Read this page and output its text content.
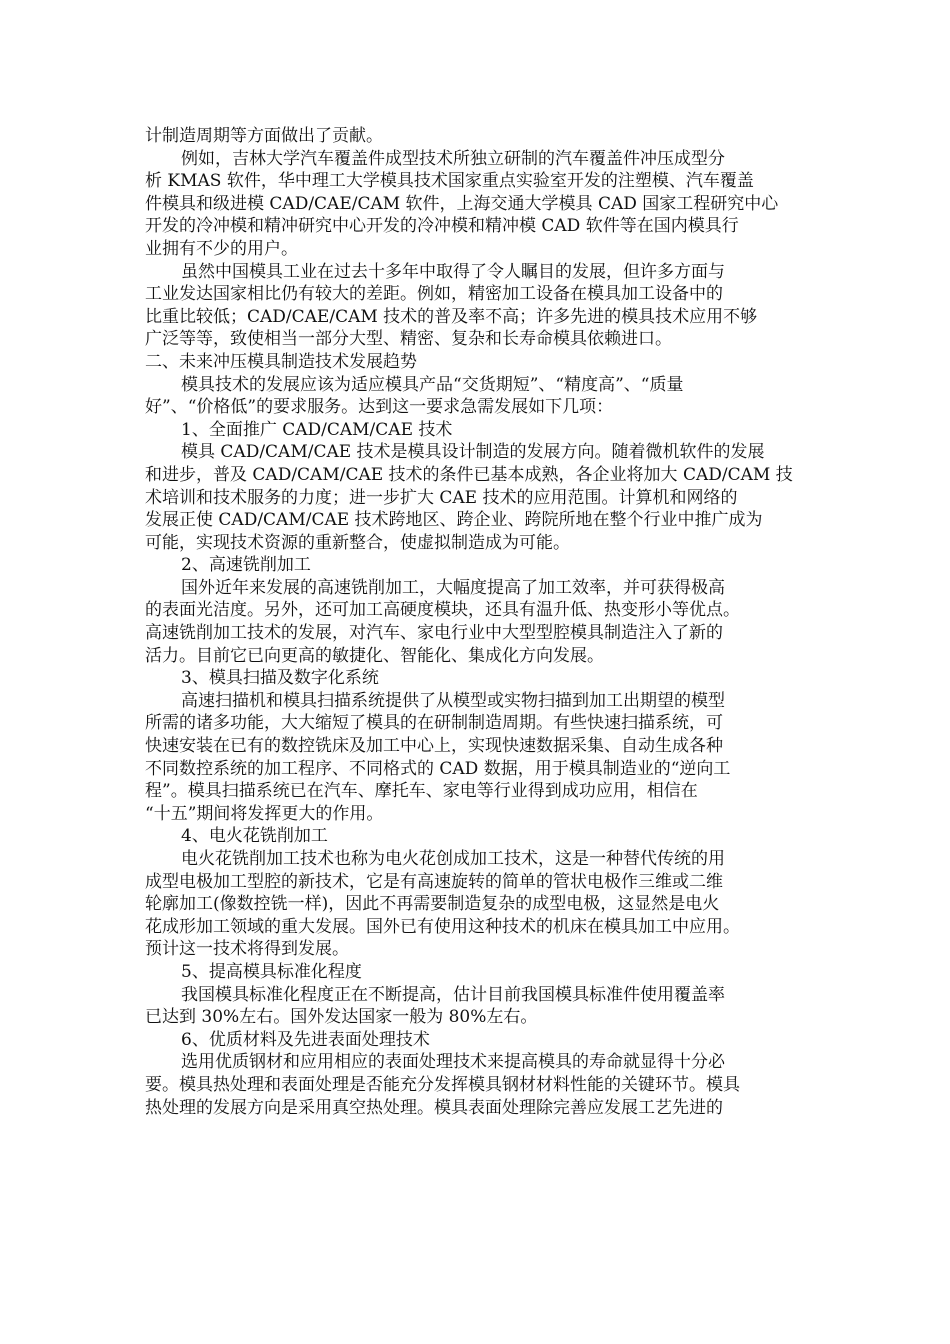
计制造周期等方面做出了贡献。
例如，吉林大学汽车覆盖件成型技术所独立研制的汽车覆盖件冲压成型分
析 KMAS 软件，华中理工大学模具技术国家重点实验室开发的注塑模、汽车覆盖
件模具和级进模 CAD/CAE/CAM 软件，上海交通大学模具 CAD 国家工程研究中心
开发的冷冲模和精冲研究中心开发的冷冲模和精冲模 CAD 软件等在国内模具行
业拥有不少的用户。
虽然中国模具工业在过去十多年中取得了令人瞩目的发展，但许多方面与
工业发达国家相比仍有较大的差距。例如，精密加工设备在模具加工设备中的
比重比较低；CAD/CAE/CAM 技术的普及率不高；许多先进的模具技术应用不够
广泛等等，致使相当一部分大型、精密、复杂和长寿命模具依赖进口。
二、未来冲压模具制造技术发展趋势
模具技术的发展应该为适应模具产品“交货期短”、“精度高”、“质量
好”、“价格低”的要求服务。达到这一要求急需发展如下几项：
1、全面推广 CAD/CAM/CAE 技术
模具 CAD/CAM/CAE 技术是模具设计制造的发展方向。随着微机软件的发展
和进步，普及 CAD/CAM/CAE 技术的条件已基本成熟，各企业将加大 CAD/CAM 技
术培训和技术服务的力度；进一步扩大 CAE 技术的应用范围。计算机和网络的
发展正使 CAD/CAM/CAE 技术跨地区、跨企业、跨院所地在整个行业中推广成为
可能，实现技术资源的重新整合，使虚拟制造成为可能。
2、高速铣削加工
国外近年来发展的高速铣削加工，大幅度提高了加工效率，并可获得极高
的表面光洁度。另外，还可加工高硬度模块，还具有温升低、热变形小等优点。
高速铣削加工技术的发展，对汽车、家电行业中大型型腔模具制造注入了新的
活力。目前它已向更高的敏捷化、智能化、集成化方向发展。
3、模具扫描及数字化系统
高速扫描机和模具扫描系统提供了从模型或实物扫描到加工出期望的模型
所需的诸多功能，大大缩短了模具的在研制制造周期。有些快速扫描系统，可
快速安装在已有的数控铣床及加工中心上，实现快速数据采集、自动生成各种
不同数控系统的加工程序、不同格式的 CAD 数据，用于模具制造业的“逆向工
程”。模具扫描系统已在汽车、摩托车、家电等行业得到成功应用，相信在
“十五”期间将发挥更大的作用。
4、电火花铣削加工
电火花铣削加工技术也称为电火花创成加工技术，这是一种替代传统的用
成型电极加工型腔的新技术，它是有高速旋转的简单的管状电极作三维或二维
轮廓加工(像数控铣一样)，因此不再需要制造复杂的成型电极，这显然是电火
花成形加工领域的重大发展。国外已有使用这种技术的机床在模具加工中应用。
预计这一技术将得到发展。
5、提高模具标准化程度
我国模具标准化程度正在不断提高，估计目前我国模具标准件使用覆盖率
已达到 30%左右。国外发达国家一般为 80%左右。
6、优质材料及先进表面处理技术
选用优质钢材和应用相应的表面处理技术来提高模具的寿命就显得十分必
要。模具热处理和表面处理是否能充分发挥模具钢材材料性能的关键环节。模具
热处理的发展方向是采用真空热处理。模具表面处理除完善应发展工艺先进的
